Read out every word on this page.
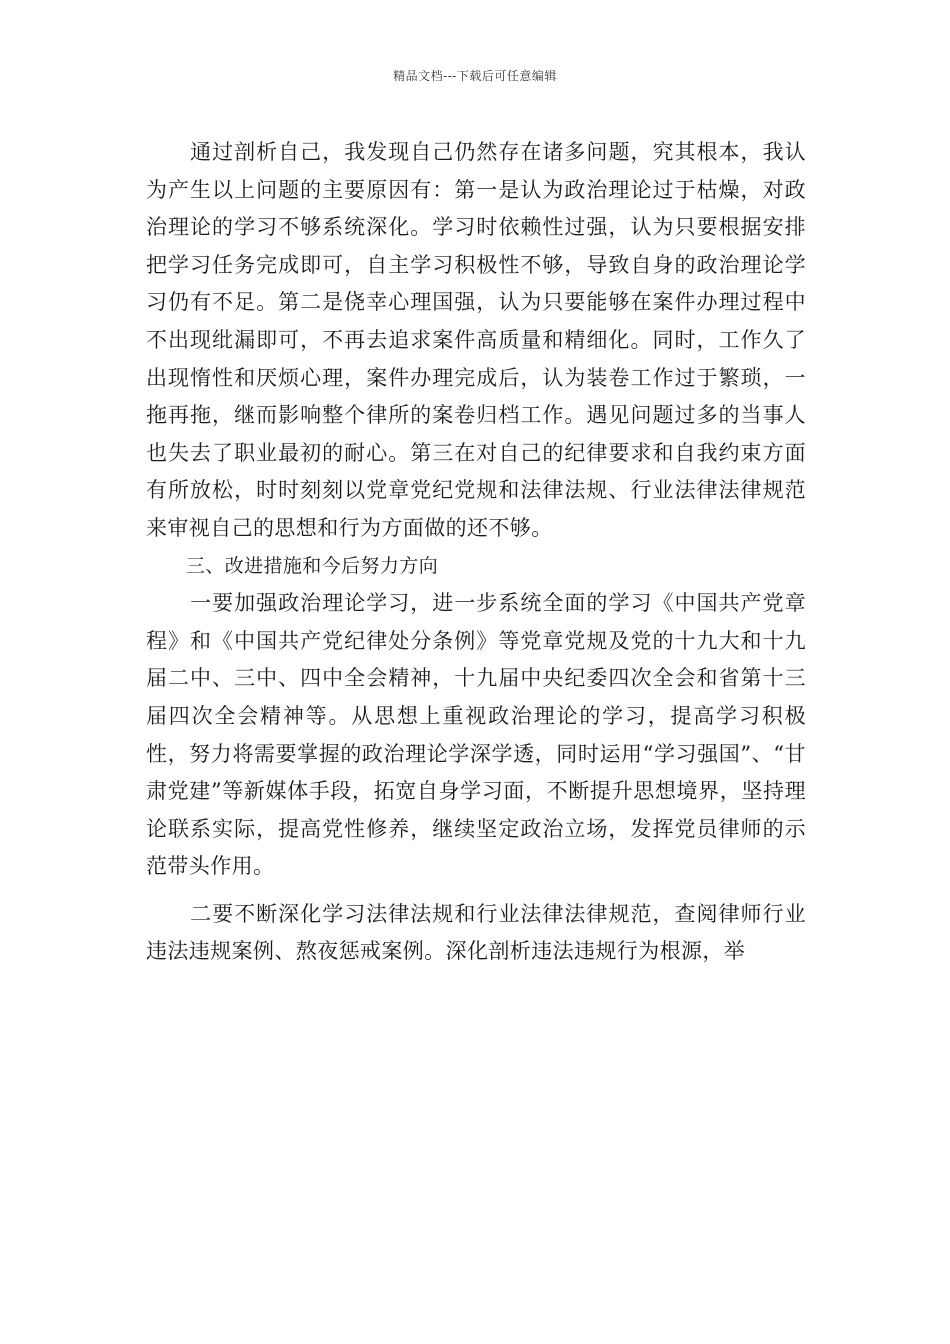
精品文档---下载后可任意编辑

通过剖析自己，我发现自己仍然存在诸多问题，究其根本，我认为产生以上问题的主要原因有：第一是认为政治理论过于枯燥，对政治理论的学习不够系统深化。学习时依赖性过强，认为只要根据安排把学习任务完成即可，自主学习积极性不够，导致自身的政治理论学习仍有不足。第二是侥幸心理国强，认为只要能够在案件办理过程中不出现纰漏即可，不再去追求案件高质量和精细化。同时，工作久了出现惰性和厌烦心理，案件办理完成后，认为装卷工作过于繁琐，一拖再拖，继而影响整个律所的案卷归档工作。遇见问题过多的当事人也失去了职业最初的耐心。第三在对自己的纪律要求和自我约束方面有所放松，时时刻刻以党章党纪党规和法律法规、行业法律法律规范来审视自己的思想和行为方面做的还不够。

三、改进措施和今后努力方向

一要加强政治理论学习，进一步系统全面的学习《中国共产党章程》和《中国共产党纪律处分条例》等党章党规及党的十九大和十九届二中、三中、四中全会精神，十九届中央纪委四次全会和省第十三届四次全会精神等。从思想上重视政治理论的学习，提高学习积极性，努力将需要掌握的政治理论学深学透，同时运用“学习强国”、“甘肃党建”等新媒体手段，拓宽自身学习面，不断提升思想境界，坚持理论联系实际，提高党性修养，继续坚定政治立场，发挥党员律师的示范带头作用。

二要不断深化学习法律法规和行业法律法律规范，查阅律师行业违法违规案例、熬夜惩戒案例。深化剖析违法违规行为根源，举
